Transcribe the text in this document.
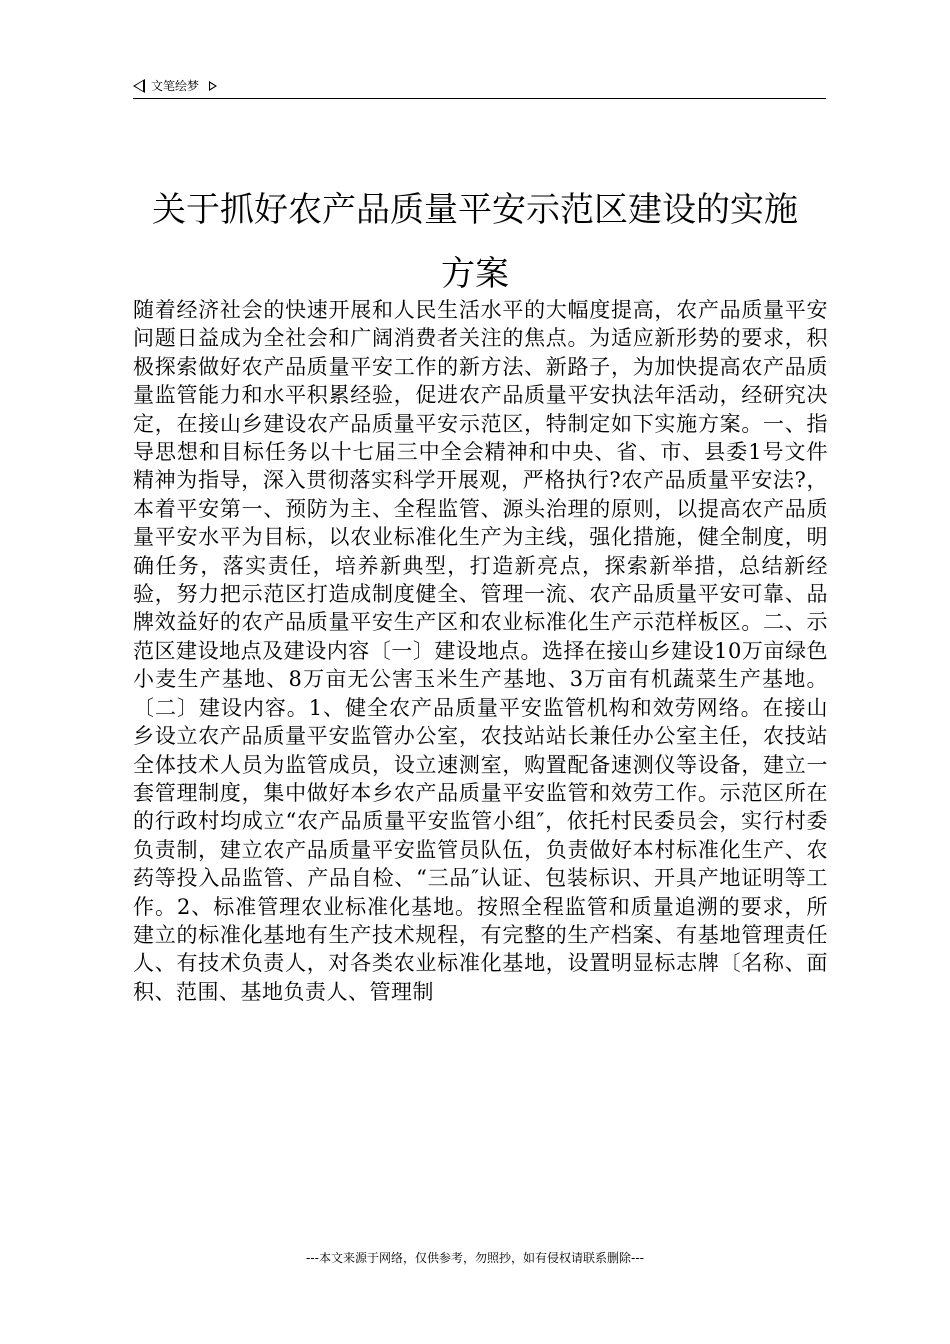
文笔绘梦
关于抓好农产品质量平安示范区建设的实施
方案
随着经济社会的快速开展和人民生活水平的大幅度提高，农产品质量平安问题日益成为全社会和广阔消费者关注的焦点。为适应新形势的要求，积极探索做好农产品质量平安工作的新方法、新路子，为加快提高农产品质量监管能力和水平积累经验，促进农产品质量平安执法年活动，经研究决定，在接山乡建设农产品质量平安示范区，特制定如下实施方案。一、指导思想和目标任务以十七届三中全会精神和中央、省、市、县委1号文件精神为指导，深入贯彻落实科学开展观，严格执行?农产品质量平安法?，本着平安第一、预防为主、全程监管、源头治理的原则，以提高农产品质量平安水平为目标，以农业标准化生产为主线，强化措施，健全制度，明确任务，落实责任，培养新典型，打造新亮点，探索新举措，总结新经验，努力把示范区打造成制度健全、管理一流、农产品质量平安可靠、品牌效益好的农产品质量平安生产区和农业标准化生产示范样板区。二、示范区建设地点及建设内容〔一〕建设地点。选择在接山乡建设10万亩绿色小麦生产基地、8万亩无公害玉米生产基地、3万亩有机蔬菜生产基地。〔二〕建设内容。1、健全农产品质量平安监管机构和效劳网络。在接山乡设立农产品质量平安监管办公室，农技站站长兼任办公室主任，农技站全体技术人员为监管成员，设立速测室，购置配备速测仪等设备，建立一套管理制度，集中做好本乡农产品质量平安监管和效劳工作。示范区所在的行政村均成立“农产品质量平安监管小组″，依托村民委员会，实行村委负责制，建立农产品质量平安监管员队伍，负责做好本村标准化生产、农药等投入品监管、产品自检、“三品″认证、包装标识、开具产地证明等工作。2、标准管理农业标准化基地。按照全程监管和质量追溯的要求，所建立的标准化基地有生产技术规程，有完整的生产档案、有基地管理责任人、有技术负责人，对各类农业标准化基地，设置明显标志牌〔名称、面积、范围、基地负责人、管理制
---本文来源于网络，仅供参考，勿照抄，如有侵权请联系删除---
